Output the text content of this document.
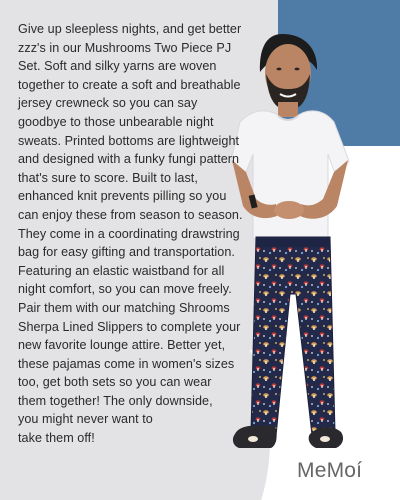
Give up sleepless nights, and get better
zzz's in our Mushrooms Two Piece PJ
Set. Soft and silky yarns are woven
together to create a soft and breathable
jersey crewneck so you can say
goodbye to those unbearable night
sweats. Printed bottoms are lightweight
and designed with a funky fungi pattern
that's sure to score. Built to last,
enhanced knit prevents pilling so you
can enjoy these from season to season.
They come in a coordinating drawstring
bag for easy gifting and transportation.
Featuring an elastic waistband for all
night comfort, so you can move freely.
Pair them with our matching Shrooms
Sherpa Lined Slippers to complete your
new favorite lounge attire. Better yet,
these pajamas come in women's sizes
too, get both sets so you can wear
them together! The only downside,
you might never want to
take them off!

MeMoí
